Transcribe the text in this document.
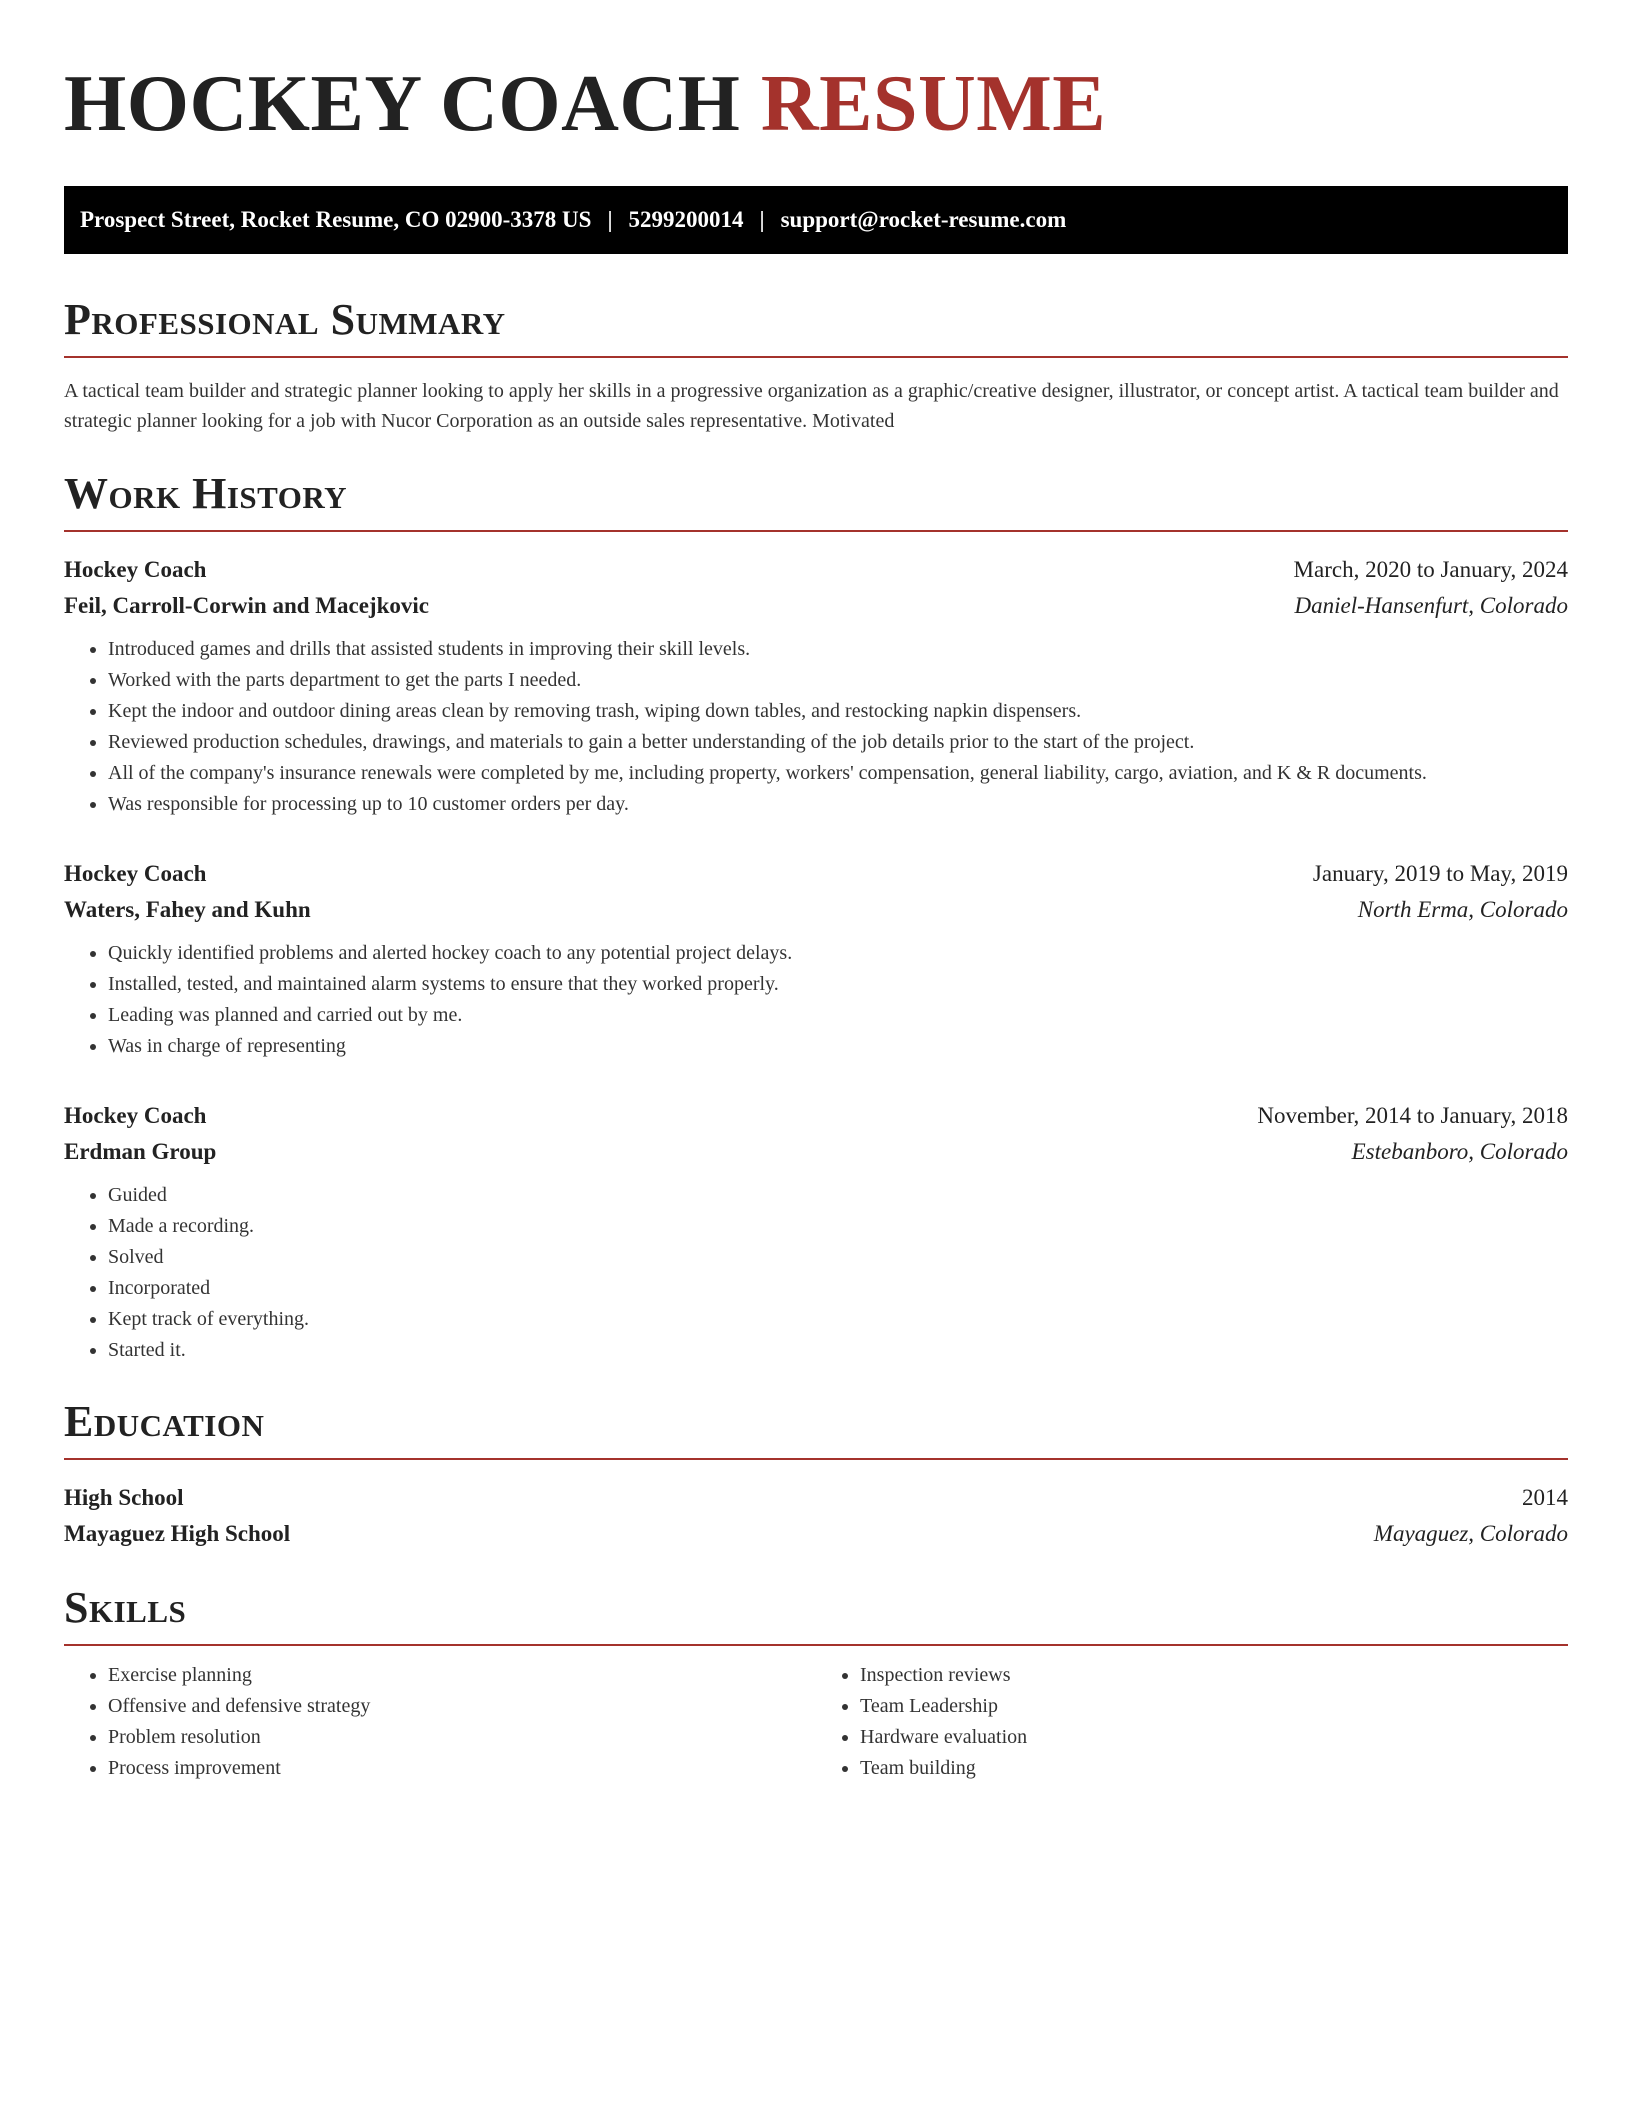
HOCKEY COACH RESUME
Prospect Street, Rocket Resume, CO 02900-3378 US | 5299200014 | support@rocket-resume.com
Professional Summary

A tactical team builder and strategic planner looking to apply her skills in a progressive organization as a graphic/creative designer, illustrator, or concept artist. A tactical team builder and strategic planner looking for a job with Nucor Corporation as an outside sales representative. Motivated

Work History
Hockey Coach	March, 2020 to January, 2024
Feil, Carroll-Corwin and Macejkovic	Daniel-Hansenfurt, Colorado
• Introduced games and drills that assisted students in improving their skill levels.
• Worked with the parts department to get the parts I needed.
• Kept the indoor and outdoor dining areas clean by removing trash, wiping down tables, and restocking napkin dispensers.
• Reviewed production schedules, drawings, and materials to gain a better understanding of the job details prior to the start of the project.
• All of the company's insurance renewals were completed by me, including property, workers' compensation, general liability, cargo, aviation, and K & R documents.
• Was responsible for processing up to 10 customer orders per day.
Hockey Coach	January, 2019 to May, 2019
Waters, Fahey and Kuhn	North Erma, Colorado
• Quickly identified problems and alerted hockey coach to any potential project delays.
• Installed, tested, and maintained alarm systems to ensure that they worked properly.
• Leading was planned and carried out by me.
• Was in charge of representing
Hockey Coach	November, 2014 to January, 2018
Erdman Group	Estebanboro, Colorado
• Guided
• Made a recording.
• Solved
• Incorporated
• Kept track of everything.
• Started it.
Education
High School	2014
Mayaguez High School	Mayaguez, Colorado
Skills
• Exercise planning
• Offensive and defensive strategy
• Problem resolution
• Process improvement
• Inspection reviews
• Team Leadership
• Hardware evaluation
• Team building
